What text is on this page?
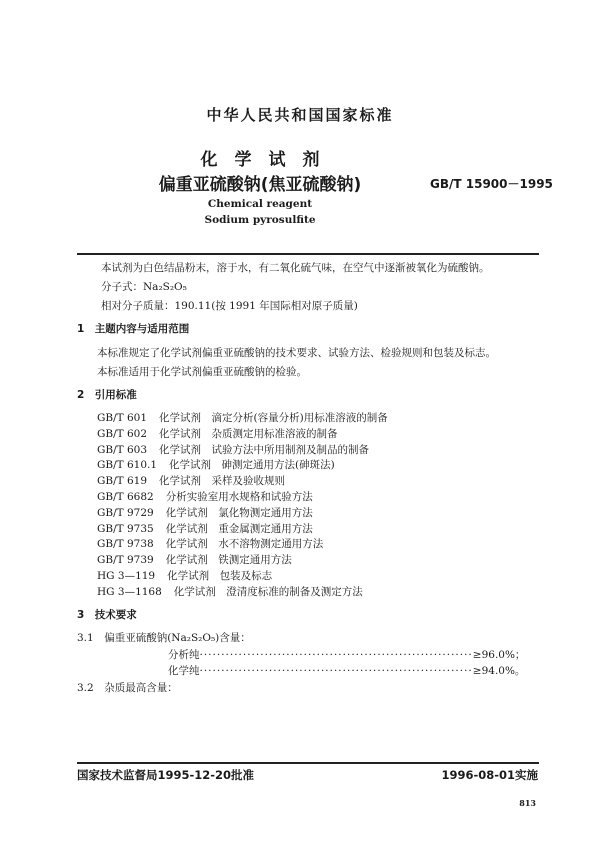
中华人民共和国国家标准
化　学　试　剂
偏重亚硫酸钠(焦亚硫酸钠)	GB/T 15900－1995
Chemical reagent
Sodium pyrosulfite
本试剂为白色结晶粉末，溶于水，有二氧化硫气味，在空气中逐渐被氧化为硫酸钠。
分子式：Na₂S₂O₅
相对分子质量：190.11(按 1991 年国际相对原子质量)
1　主题内容与适用范围
本标准规定了化学试剂偏重亚硫酸钠的技术要求、试验方法、检验规则和包装及标志。
本标准适用于化学试剂偏重亚硫酸钠的检验。
2　引用标准
GB/T 601 化学试剂　滴定分析(容量分析)用标准溶液的制备
GB/T 602 化学试剂　杂质测定用标准溶液的制备
GB/T 603 化学试剂　试验方法中所用制剂及制品的制备
GB/T 610.1 化学试剂　砷测定通用方法(砷斑法)
GB/T 619 化学试剂　采样及验收规则
GB/T 6682 分析实验室用水规格和试验方法
GB/T 9729 化学试剂　氯化物测定通用方法
GB/T 9735 化学试剂　重金属测定通用方法
GB/T 9738 化学试剂　水不溶物测定通用方法
GB/T 9739 化学试剂　铁测定通用方法
HG 3—119 化学试剂　包装及标志
HG 3—1168 化学试剂　澄清度标准的制备及测定方法
3　技术要求
3.1　偏重亚硫酸钠(Na₂S₂O₅)含量：
分析纯·······························································≥96.0%；
化学纯·······························································≥94.0%。
3.2　杂质最高含量：
国家技术监督局1995-12-20批准	1996-08-01实施
813
